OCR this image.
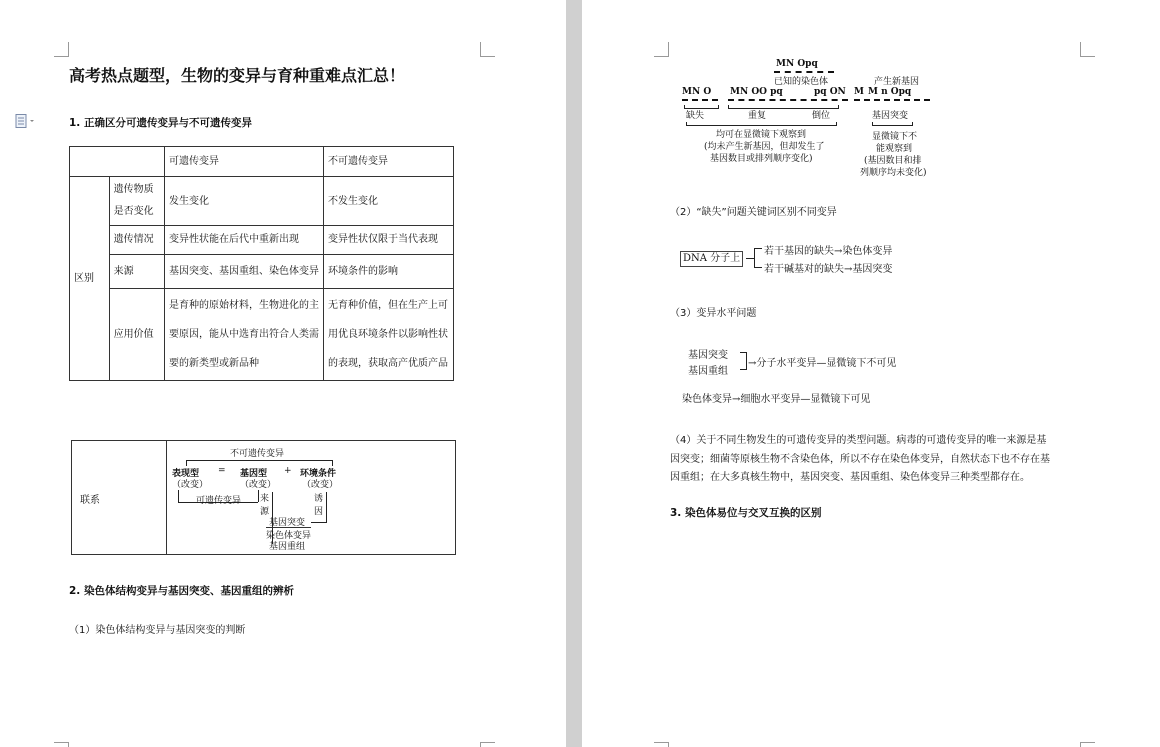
高考热点题型，生物的变异与育种重难点汇总！
1. 正确区分可遗传变异与不可遗传变异
		可遗传变异	不可遗传变异
区别	遗传物质是否变化	发生变化	不发生变化
	遗传情况	变异性状能在后代中重新出现	变异性状仅限于当代表现
	来源	基因突变、基因重组、染色体变异	环境条件的影响
	应用价值	是育种的原始材料，生物进化的主要原因，能从中选育出符合人类需要的新类型或新品种	无育种价值，但在生产上可用优良环境条件以影响性状的表现，获取高产优质产品
联系
不可遗传变异
表现型
（改变）
= 基因型
（改变）
+ 环境条件
（改变）
可遗传变异 来源
诱因
基因突变
染色体变异
基因重组
2. 染色体结构变异与基因突变、基因重组的辨析
（1）染色体结构变异与基因突变的判断
MN Opq
已知的染色体	产生新基因
MN O MN OO pq	pq ON M M n Opq
缺失	重复	倒位	基因突变
均可在显微镜下观察到
(均未产生新基因，但却发生了
基因数目或排列顺序变化)
显微镜下不
能观察到
(基因数目和排
列顺序均未变化)
（2）“缺失”问题关键词区别不同变异
DNA 分子上
若干基因的缺失→染色体变异
若干碱基对的缺失→基因突变
（3）变异水平问题
基因突变
基因重组
→分子水平变异—显微镜下不可见
染色体变异→细胞水平变异—显微镜下可见
（4）关于不同生物发生的可遗传变异的类型问题。病毒的可遗传变异的唯一来源是基
因突变；细菌等原核生物不含染色体，所以不存在染色体变异，自然状态下也不存在基
因重组；在大多真核生物中，基因突变、基因重组、染色体变异三种类型都存在。
3. 染色体易位与交叉互换的区别
